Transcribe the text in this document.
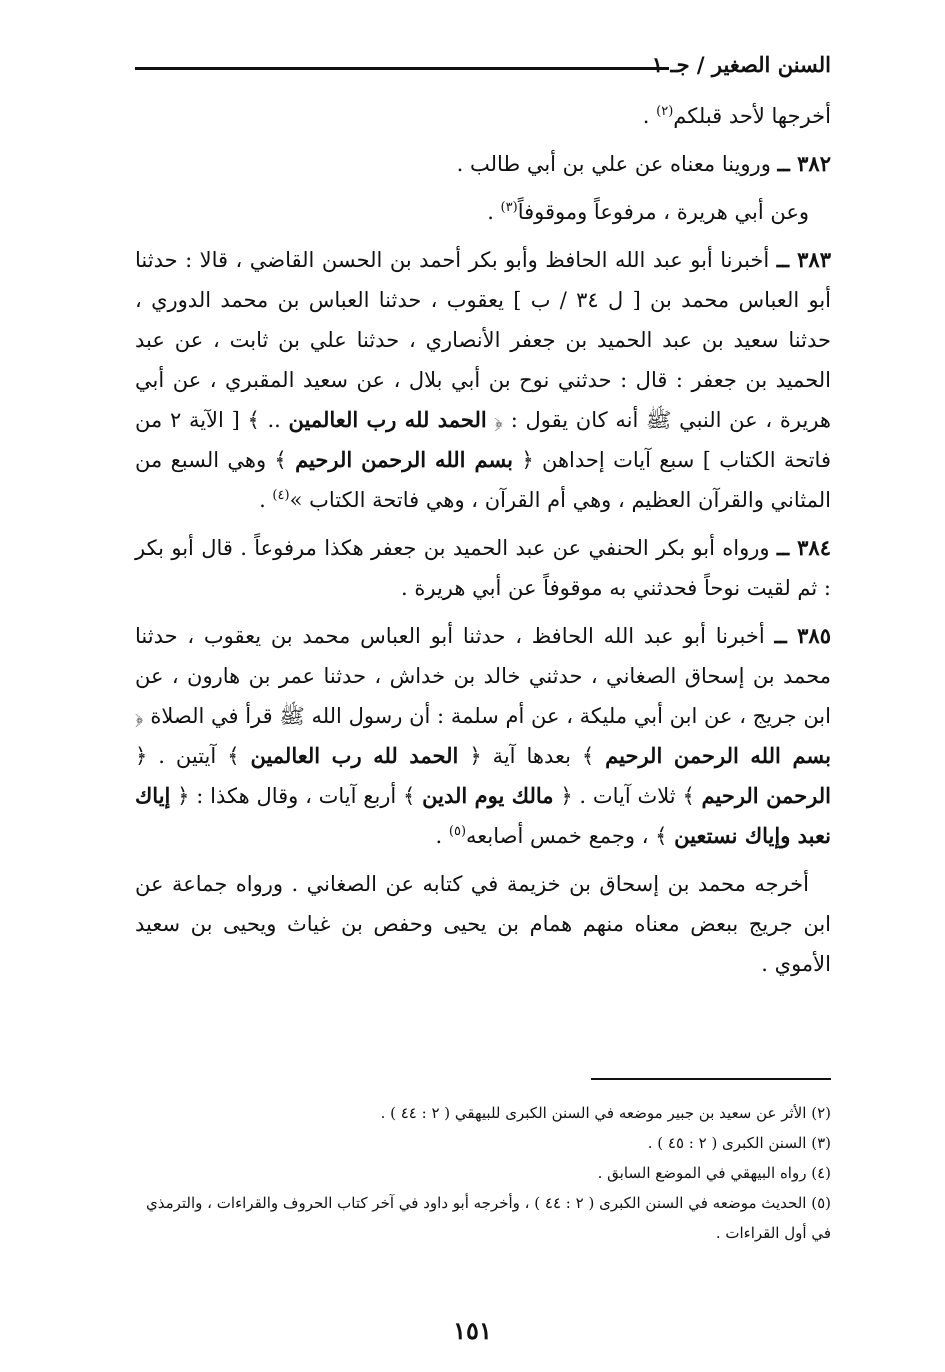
السنن الصغير / جـ ١

أخرجها لأحد قبلكم$^{(٢)}$ .

٣٨٢ ــ وروينا معناه عن علي بن أبي طالب .

وعن أبي هريرة ، مرفوعاً وموقوفاً$^{(٣)}$ .

٣٨٣ ــ أخبرنا أبو عبد الله الحافظ وأبو بكر أحمد بن الحسن القاضي ، قالا : حدثنا أبو العباس محمد بن [ ل ٣٤ / ب ] يعقوب ، حدثنا العباس بن محمد الدوري ، حدثنا سعيد بن عبد الحميد بن جعفر الأنصاري ، حدثنا علي بن ثابت ، عن عبد الحميد بن جعفر : قال : حدثني نوح بن أبي بلال ، عن سعيد المقبري ، عن أبي هريرة ، عن النبي ﷺ أنه كان يقول : ﴿ الحمد لله رب العالمين .. ﴾ [ الآية ٢ من فاتحة الكتاب ] سبع آيات إحداهن ﴿ بسم الله الرحمن الرحيم ﴾ وهي السبع من المثاني والقرآن العظيم ، وهي أم القرآن ، وهي فاتحة الكتاب »$^{(٤)}$ .

٣٨٤ ــ ورواه أبو بكر الحنفي عن عبد الحميد بن جعفر هكذا مرفوعاً . قال أبو بكر : ثم لقيت نوحاً فحدثني به موقوفاً عن أبي هريرة .

٣٨٥ ــ أخبرنا أبو عبد الله الحافظ ، حدثنا أبو العباس محمد بن يعقوب ، حدثنا محمد بن إسحاق الصغاني ، حدثني خالد بن خداش ، حدثنا عمر بن هارون ، عن ابن جريج ، عن ابن أبي مليكة ، عن أم سلمة : أن رسول الله ﷺ قرأ في الصلاة ﴿ بسم الله الرحمن الرحيم ﴾ بعدها آية ﴿ الحمد لله رب العالمين ﴾ آيتين . ﴿ الرحمن الرحيم ﴾ ثلاث آيات . ﴿ مالك يوم الدين ﴾ أربع آيات ، وقال هكذا : ﴿ إياك نعبد وإياك نستعين ﴾ ، وجمع خمس أصابعه$^{(٥)}$ .

أخرجه محمد بن إسحاق بن خزيمة في كتابه عن الصغاني . ورواه جماعة عن ابن جريج ببعض معناه منهم همام بن يحيى وحفص بن غياث ويحيى بن سعيد الأموي .

(٢) الأثر عن سعيد بن جبير موضعه في السنن الكبرى للبيهقي ( ٢ : ٤٤ ) .

(٣) السنن الكبرى ( ٢ : ٤٥ ) .

(٤) رواه البيهقي في الموضع السابق .

(٥) الحديث موضعه في السنن الكبرى ( ٢ : ٤٤ ) ، وأخرجه أبو داود في آخر كتاب الحروف والقراءات ، والترمذي في أول القراءات .

١٥١
